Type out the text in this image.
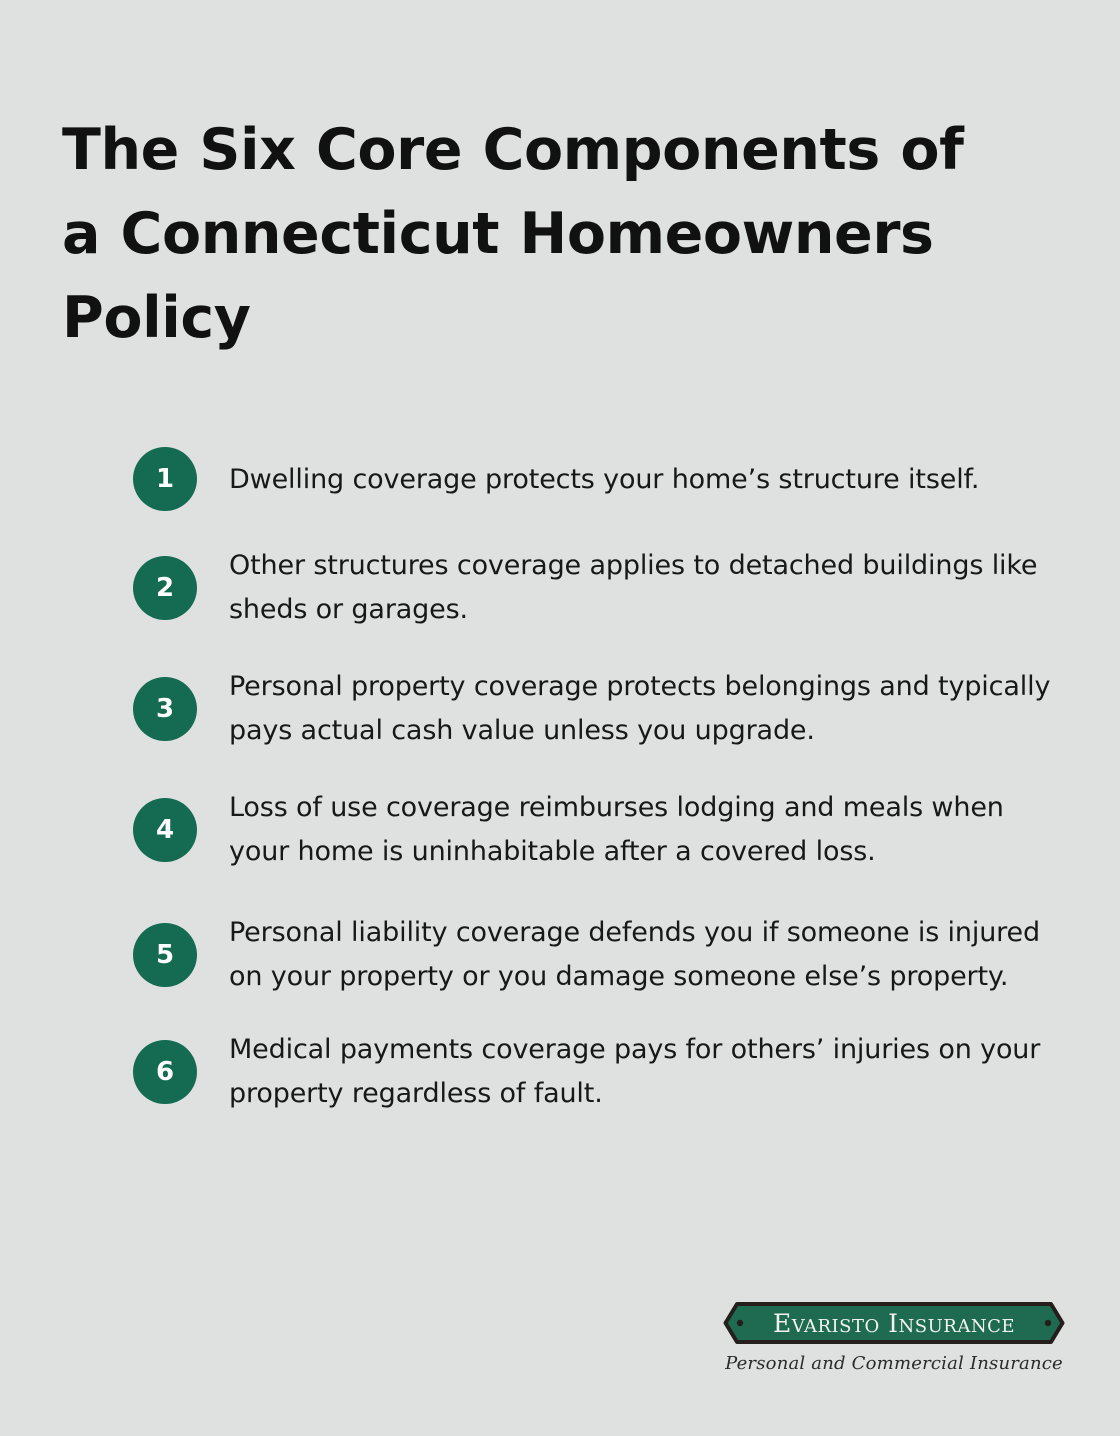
The Six Core Components of a Connecticut Homeowners Policy
1	Dwelling coverage protects your home’s structure itself.
2
Other structures coverage applies to detached buildings like sheds or garages.
3
Personal property coverage protects belongings and typically pays actual cash value unless you upgrade.
4
Loss of use coverage reimburses lodging and meals when your home is uninhabitable after a covered loss.
5
Personal liability coverage defends you if someone is injured on your property or you damage someone else’s property.
6
Medical payments coverage pays for others’ injuries on your property regardless of fault.
Evaristo Insurance
Personal and Commercial Insurance
